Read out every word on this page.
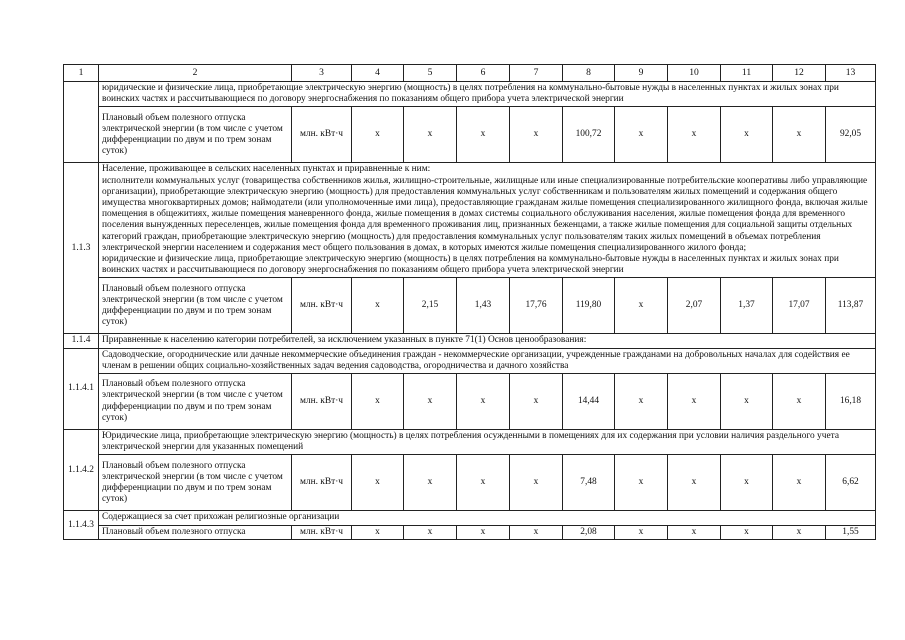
1	2	3	4	5	6	7	8	9	10	11	12	13
	юридические и физические лица, приобретающие электрическую энергию (мощность) в целях потребления на коммунально-бытовые нужды в населенных пунктах и жилых зонах при воинских частях и рассчитывающиеся по договору энергоснабжения по показаниям общего прибора учета электрической энергии											
	Плановый объем полезного отпуска электрической энергии (в том числе с учетом дифференциации по двум и по трем зонам суток)	млн. кВт·ч	х	х	х	х	100,72	х	х	х	х	92,05
1.1.3	Население, проживающее в сельских населенных пунктах и приравненные к ним:
исполнители коммунальных услуг (товарищества собственников жилья, жилищно-строительные, жилищные или иные специализированные потребительские кооперативы либо управляющие организации), приобретающие электрическую энергию (мощность) для предоставления коммунальных услуг собственникам и пользователям жилых помещений и содержания общего имущества многоквартирных домов; наймодатели (или уполномоченные ими лица), предоставляющие гражданам жилые помещения специализированного жилищного фонда, включая жилые помещения в общежитиях, жилые помещения маневренного фонда, жилые помещения в домах системы социального обслуживания населения, жилые помещения фонда для временного поселения вынужденных переселенцев, жилые помещения фонда для временного проживания лиц, признанных беженцами, а также жилые помещения для социальной защиты отдельных категорий граждан, приобретающие электрическую энергию (мощность) для предоставления коммунальных услуг пользователям таких жилых помещений в объемах потребления электрической энергии населением и содержания мест общего пользования в домах, в которых имеются жилые помещения специализированного жилого фонда;
юридические и физические лица, приобретающие электрическую энергию (мощность) в целях потребления на коммунально-бытовые нужды в населенных пунктах и жилых зонах при воинских частях и рассчитывающиеся по договору энергоснабжения по показаниям общего прибора учета электрической энергии											

	Плановый объем полезного отпуска электрической энергии (в том числе с учетом дифференциации по двум и по трем зонам суток)	млн. кВт·ч	х	2,15	1,43	17,76	119,80	х	2,07	1,37	17,07	113,87
1.1.4	Приравненные к населению категории потребителей, за исключением указанных в пункте 71(1) Основ ценообразования:											
1.1.4.1	Садоводческие, огороднические или дачные некоммерческие объединения граждан - некоммерческие организации, учрежденные гражданами на добровольных началах для содействия ее членам в решении общих социально-хозяйственных задач ведения садоводства, огородничества и дачного хозяйства											
	Плановый объем полезного отпуска электрической энергии (в том числе с учетом дифференциации по двум и по трем зонам суток)	млн. кВт·ч	х	х	х	х	14,44	х	х	х	х	16,18
1.1.4.2	Юридические лица, приобретающие электрическую энергию (мощность) в целях потребления осужденными в помещениях для их содержания при условии наличия раздельного учета электрической энергии для указанных помещений											
	Плановый объем полезного отпуска электрической энергии (в том числе с учетом дифференциации по двум и по трем зонам суток)	млн. кВт·ч	х	х	х	х	7,48	х	х	х	х	6,62
1.1.4.3	Содержащиеся за счет прихожан религиозные организации											
	Плановый объем полезного отпуска	млн. кВт·ч	х	х	х	х	2,08	х	х	х	х	1,55
